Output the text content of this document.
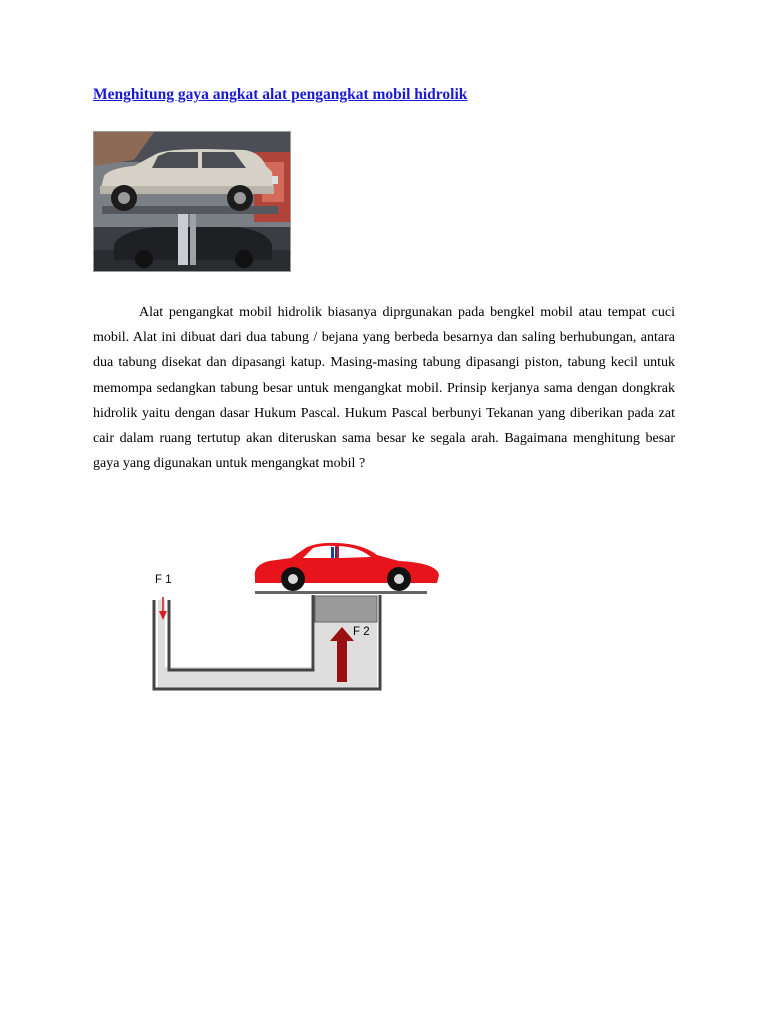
Menghitung gaya angkat alat pengangkat mobil hidrolik

Alat pengangkat mobil hidrolik biasanya diprgunakan pada bengkel mobil atau tempat cuci mobil. Alat ini dibuat dari dua tabung / bejana yang berbeda besarnya dan saling berhubungan, antara dua tabung disekat dan dipasangi katup. Masing-masing tabung dipasangi piston, tabung kecil untuk memompa sedangkan tabung besar untuk mengangkat mobil. Prinsip kerjanya sama dengan dongkrak hidrolik yaitu dengan dasar Hukum Pascal. Hukum Pascal berbunyi Tekanan yang diberikan pada zat cair dalam ruang tertutup akan diteruskan sama besar ke segala arah. Bagaimana menghitung besar gaya yang digunakan untuk mengangkat mobil ?

F 1
F 2
